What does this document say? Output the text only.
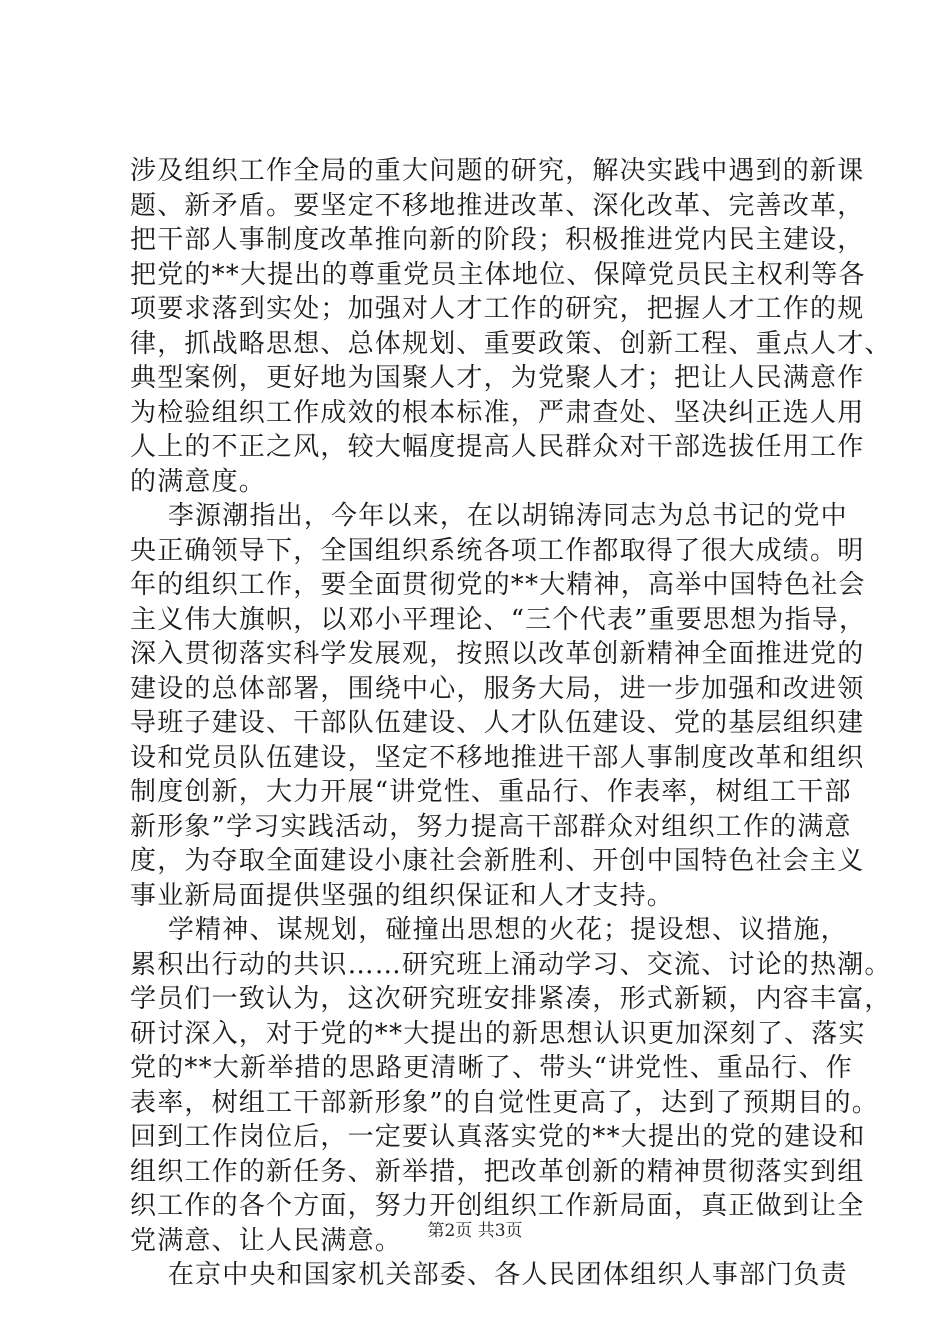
涉及组织工作全局的重大问题的研究，解决实践中遇到的新课
题、新矛盾。要坚定不移地推进改革、深化改革、完善改革，
把干部人事制度改革推向新的阶段；积极推进党内民主建设，
把党的**大提出的尊重党员主体地位、保障党员民主权利等各
项要求落到实处；加强对人才工作的研究，把握人才工作的规
律，抓战略思想、总体规划、重要政策、创新工程、重点人才、
典型案例，更好地为国聚人才，为党聚人才；把让人民满意作
为检验组织工作成效的根本标准，严肃查处、坚决纠正选人用
人上的不正之风，较大幅度提高人民群众对干部选拔任用工作
的满意度。
李源潮指出，今年以来，在以胡锦涛同志为总书记的党中
央正确领导下，全国组织系统各项工作都取得了很大成绩。明
年的组织工作，要全面贯彻党的**大精神，高举中国特色社会
主义伟大旗帜，以邓小平理论、“三个代表”重要思想为指导，
深入贯彻落实科学发展观，按照以改革创新精神全面推进党的
建设的总体部署，围绕中心，服务大局，进一步加强和改进领
导班子建设、干部队伍建设、人才队伍建设、党的基层组织建
设和党员队伍建设，坚定不移地推进干部人事制度改革和组织
制度创新，大力开展“讲党性、重品行、作表率，树组工干部
新形象”学习实践活动，努力提高干部群众对组织工作的满意
度，为夺取全面建设小康社会新胜利、开创中国特色社会主义
事业新局面提供坚强的组织保证和人才支持。
学精神、谋规划，碰撞出思想的火花；提设想、议措施，
累积出行动的共识……研究班上涌动学习、交流、讨论的热潮。
学员们一致认为，这次研究班安排紧凑，形式新颖，内容丰富，
研讨深入，对于党的**大提出的新思想认识更加深刻了、落实
党的**大新举措的思路更清晰了、带头“讲党性、重品行、作
表率，树组工干部新形象”的自觉性更高了，达到了预期目的。
回到工作岗位后，一定要认真落实党的**大提出的党的建设和
组织工作的新任务、新举措，把改革创新的精神贯彻落实到组
织工作的各个方面，努力开创组织工作新局面，真正做到让全
党满意、让人民满意。
在京中央和国家机关部委、各人民团体组织人事部门负责
第2页 共3页
